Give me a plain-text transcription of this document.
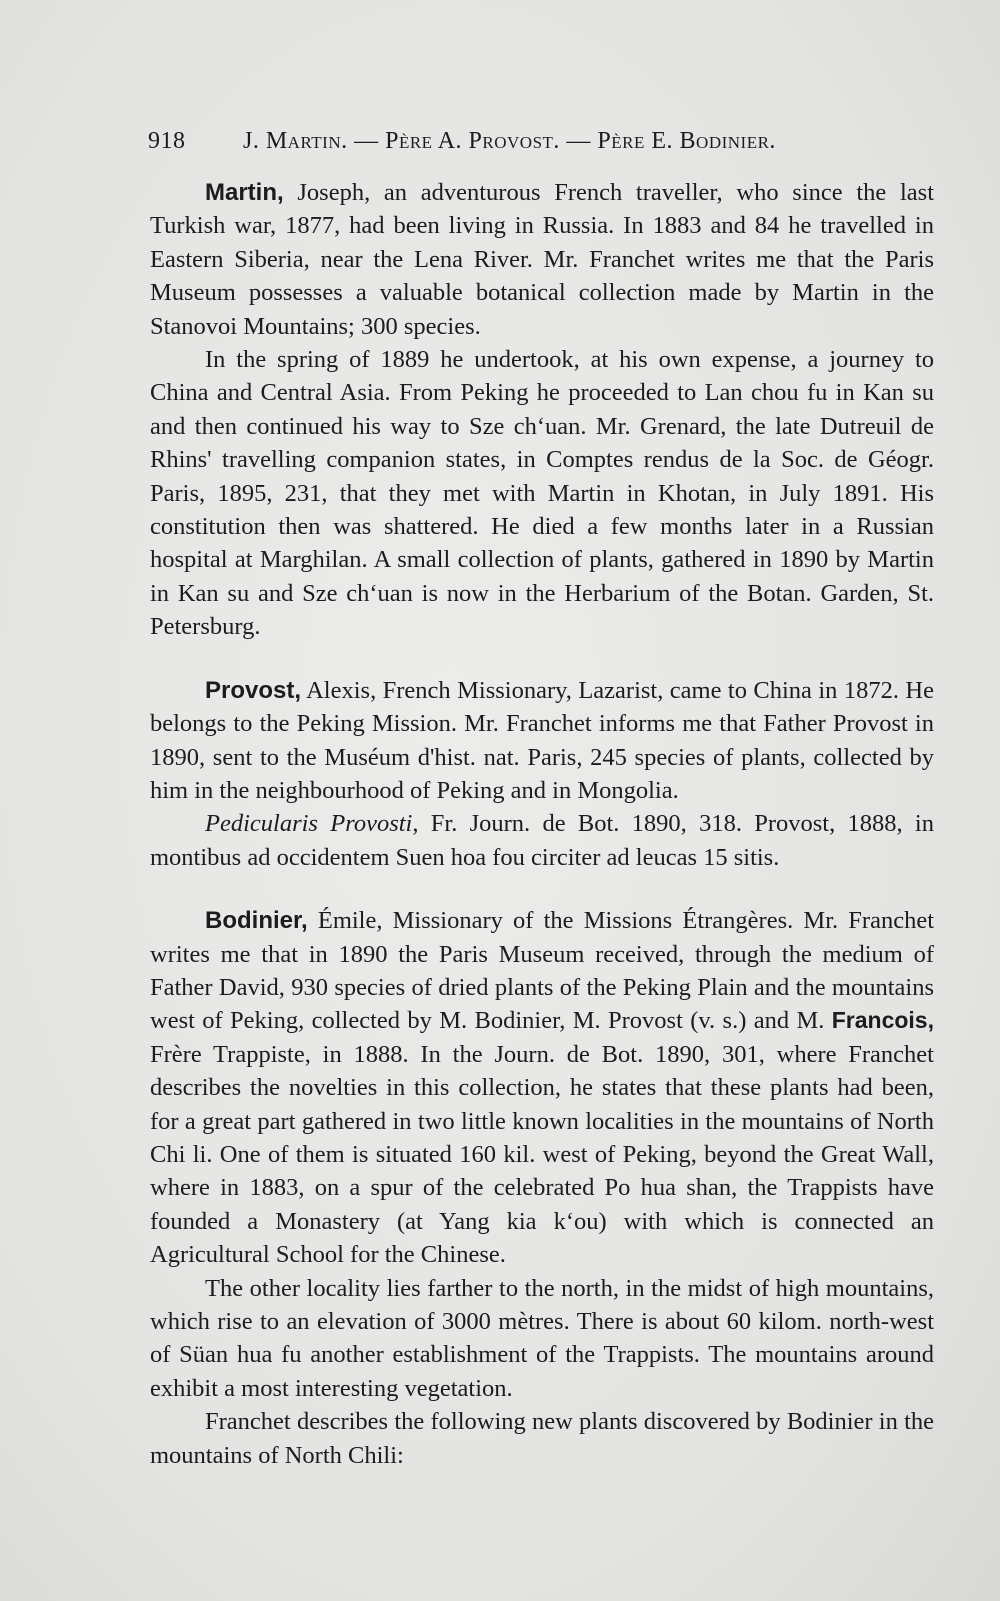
918 J. Martin. — Père A. Provost. — Père E. Bodinier.

Martin, Joseph, an adventurous French traveller, who since the last Turkish war, 1877, had been living in Russia. In 1883 and 84 he travelled in Eastern Siberia, near the Lena River. Mr. Franchet writes me that the Paris Museum possesses a valuable botanical collection made by Martin in the Stanovoi Mountains; 300 species.

In the spring of 1889 he undertook, at his own expense, a journey to China and Central Asia. From Peking he proceeded to Lan chou fu in Kan su and then continued his way to Sze chʻuan. Mr. Grenard, the late Dutreuil de Rhins' travelling companion states, in Comptes rendus de la Soc. de Géogr. Paris, 1895, 231, that they met with Martin in Khotan, in July 1891. His constitution then was shattered. He died a few months later in a Russian hospital at Marghilan. A small collection of plants, gathered in 1890 by Martin in Kan su and Sze chʻuan is now in the Herbarium of the Botan. Garden, St. Petersburg.

Provost, Alexis, French Missionary, Lazarist, came to China in 1872. He belongs to the Peking Mission. Mr. Franchet informs me that Father Provost in 1890, sent to the Muséum d'hist. nat. Paris, 245 species of plants, collected by him in the neighbourhood of Peking and in Mongolia.

Pedicularis Provosti, Fr. Journ. de Bot. 1890, 318. Provost, 1888, in montibus ad occidentem Suen hoa fou circiter ad leucas 15 sitis.

Bodinier, Émile, Missionary of the Missions Étrangères. Mr. Franchet writes me that in 1890 the Paris Museum received, through the medium of Father David, 930 species of dried plants of the Peking Plain and the mountains west of Peking, collected by M. Bodinier, M. Provost (v. s.) and M. Francois, Frère Trappiste, in 1888. In the Journ. de Bot. 1890, 301, where Franchet describes the novelties in this collection, he states that these plants had been, for a great part gathered in two little known localities in the mountains of North Chi li. One of them is situated 160 kil. west of Peking, beyond the Great Wall, where in 1883, on a spur of the celebrated Po hua shan, the Trappists have founded a Monastery (at Yang kia kʻou) with which is connected an Agricultural School for the Chinese.

The other locality lies farther to the north, in the midst of high mountains, which rise to an elevation of 3000 mètres. There is about 60 kilom. north-west of Süan hua fu another establishment of the Trappists. The mountains around exhibit a most interesting vegetation.

Franchet describes the following new plants discovered by Bodinier in the mountains of North Chili:
